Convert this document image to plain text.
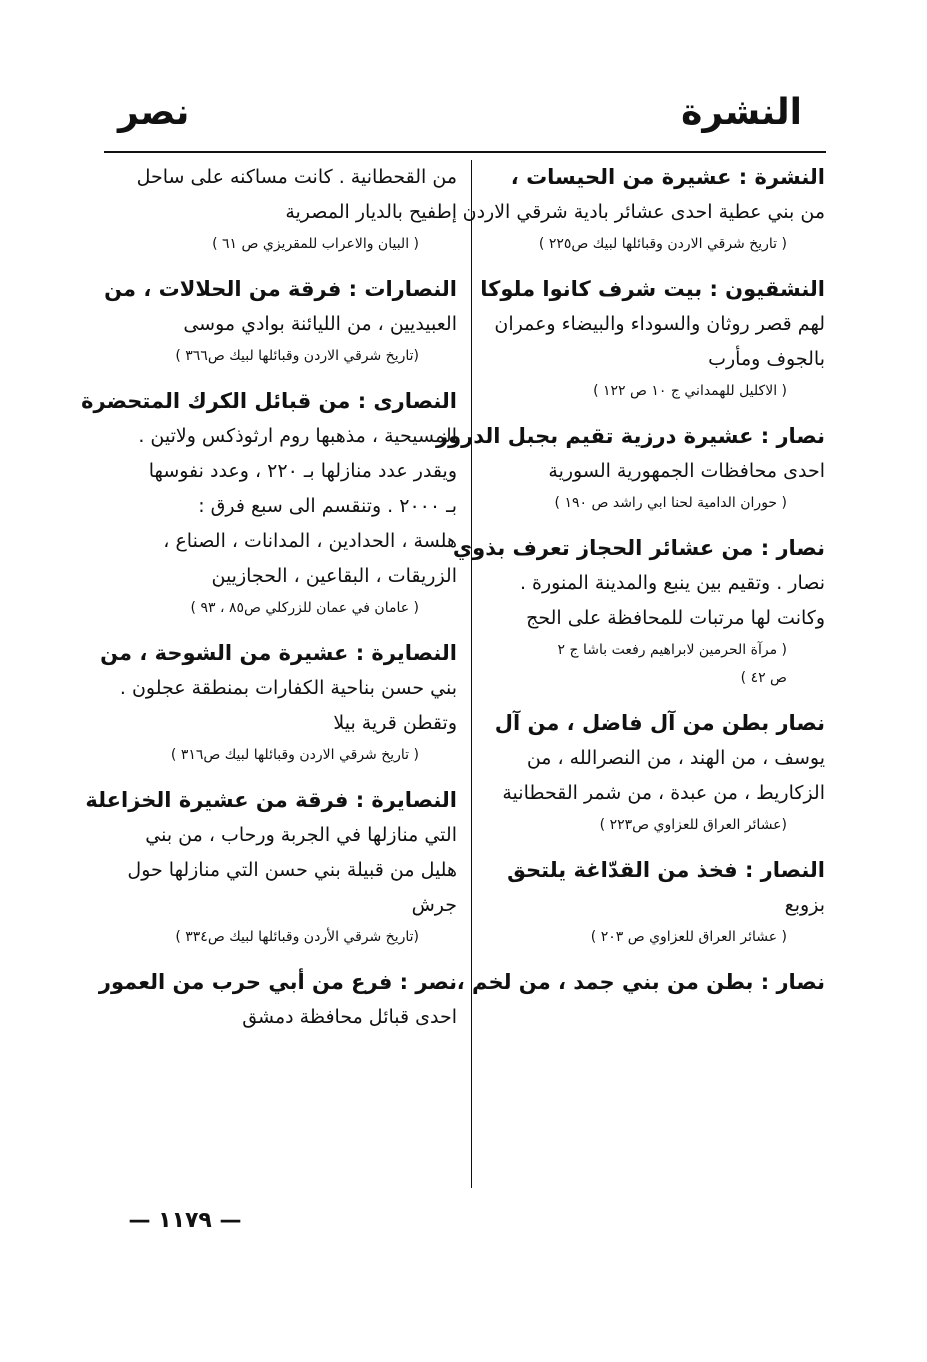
النشرة
نصر
النشرة : عشيرة من الحيسات ،
من بني عطية احدى عشائر بادية شرقي الاردن
( تاريخ شرقي الاردن وقبائلها لبيك ص٢٢٥ )
النشقيون : بيت شرف كانوا ملوكا
لهم قصر روثان والسوداء والبيضاء وعمران
بالجوف ومأرب
( الاكليل للهمداني ج ١٠ ص ١٢٢ )
نصار : عشيرة درزية تقيم بجبل الدروز
احدى محافظات الجمهورية السورية
( حوران الدامية لحنا ابي راشد ص ١٩٠ )
نصار : من عشائر الحجاز تعرف بذوي
نصار . وتقيم بين ينبع والمدينة المنورة .
وكانت لها مرتبات للمحافظة على الحج
( مرآة الحرمين لابراهيم رفعت باشا ج ٢
ص ٤٢ )
نصار بطن من آل فاضل ، من آل
يوسف ، من الهند ، من النصرالله ، من
الزكاريط ، من عبدة ، من شمر القحطانية
(عشائر العراق للعزاوي ص٢٢٣ )
النصار : فخذ من القدّاغة يلتحق
بزوبع
( عشائر العراق للعزاوي ص ٢٠٣ )
نصار : بطن من بني جمد ، من لخم ،
من القحطانية . كانت مساكنه على ساحل
إطفيح بالديار المصرية
( البيان والاعراب للمقريزي ص ٦١ )
النصارات : فرقة من الحلالات ، من
العبيديين ، من الليائنة بوادي موسى
(تاريخ شرقي الاردن وقبائلها لبيك ص٣٦٦ )
النصارى : من قبائل الكرك المتحضرة
المسيحية ، مذهبها روم ارثوذكس ولاتين .
ويقدر عدد منازلها بـ ٢٢٠ ، وعدد نفوسها
بـ ٢٠٠٠ . وتنقسم الى سبع فرق :
هلسة ، الحدادين ، المدانات ، الصناع ،
الزريقات ، البقاعين ، الحجازيين
( عامان في عمان للزركلي ص٨٥ ، ٩٣ )
النصايرة : عشيرة من الشوحة ، من
بني حسن بناحية الكفارات بمنطقة عجلون .
وتقطن قرية بيلا
( تاريخ شرقي الاردن وقبائلها لبيك ص٣١٦ )
النصايرة : فرقة من عشيرة الخزاعلة
التي منازلها في الجربة ورحاب ، من بني
هليل من قبيلة بني حسن التي منازلها حول
جرش
(تاريخ شرقي الأردن وقبائلها لبيك ص٣٣٤ )
نصر : فرع من أبي حرب من العمور
احدى قبائل محافظة دمشق
— ١١٧٩ —
